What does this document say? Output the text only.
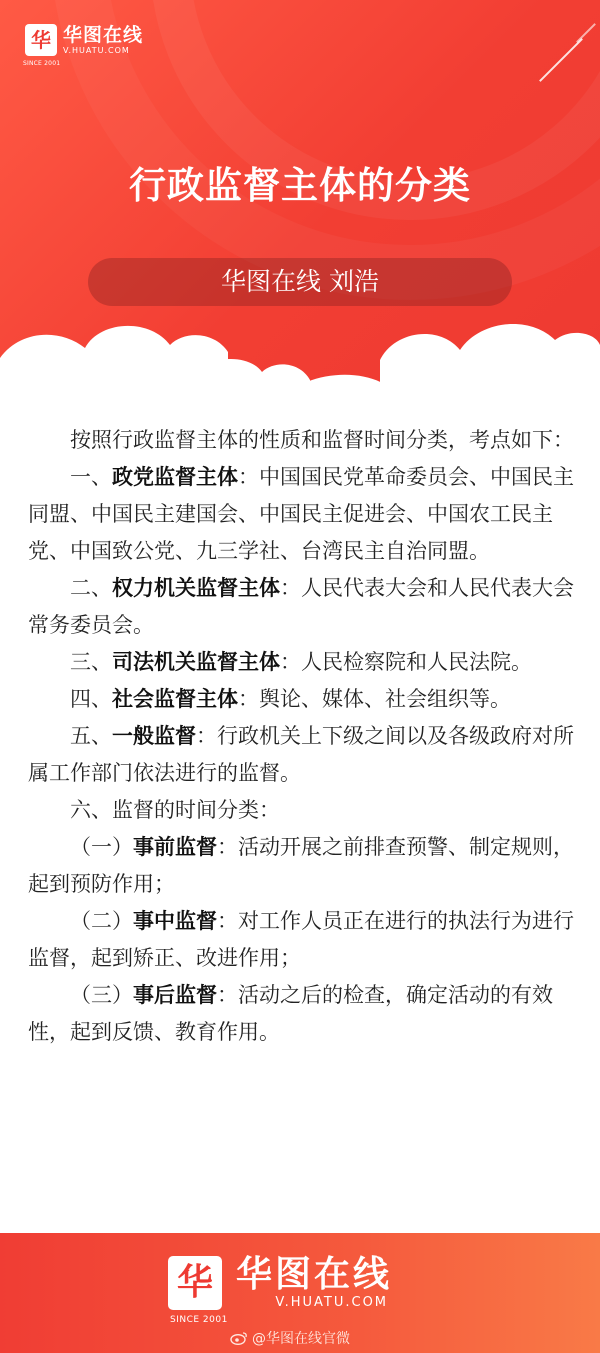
华
SINCE 2001
华图在线
V.HUATU.COM
行政监督主体的分类
华图在线 刘浩

按照行政监督主体的性质和监督时间分类，考点如下：

一、政党监督主体：中国国民党革命委员会、中国民主同盟、中国民主建国会、中国民主促进会、中国农工民主党、中国致公党、九三学社、台湾民主自治同盟。

二、权力机关监督主体：人民代表大会和人民代表大会常务委员会。

三、司法机关监督主体：人民检察院和人民法院。

四、社会监督主体：舆论、媒体、社会组织等。

五、一般监督：行政机关上下级之间以及各级政府对所属工作部门依法进行的监督。

六、监督的时间分类：

（一）事前监督：活动开展之前排查预警、制定规则，起到预防作用；

（二）事中监督：对工作人员正在进行的执法行为进行监督，起到矫正、改进作用；

（三）事后监督：活动之后的检查，确定活动的有效性，起到反馈、教育作用。

华
SINCE 2001
华图在线
V.HUATU.COM
@华图在线官微
